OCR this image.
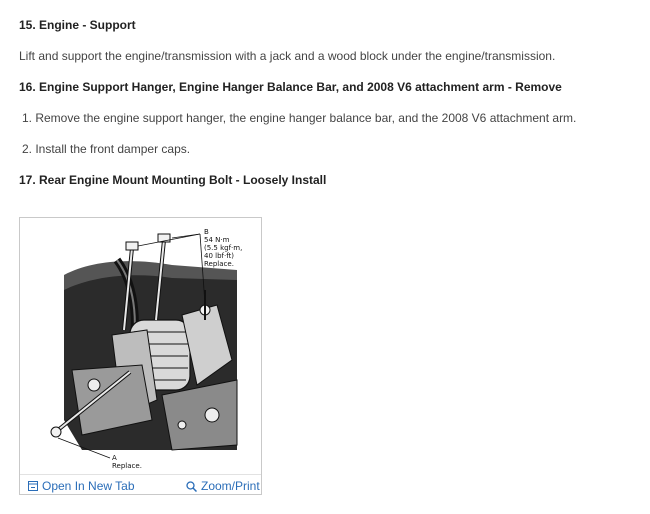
15. Engine - Support

Lift and support the engine/transmission with a jack and a wood block under the engine/transmission.

16. Engine Support Hanger, Engine Hanger Balance Bar, and 2008 V6 attachment arm - Remove

1. Remove the engine support hanger, the engine hanger balance bar, and the 2008 V6 attachment arm.

2. Install the front damper caps.

17. Rear Engine Mount Mounting Bolt - Loosely Install

B 54 N·m (5.5 kgf·m, 40 lbf·ft) Replace.
A Replace.
Open In New Tab	Zoom/Print
